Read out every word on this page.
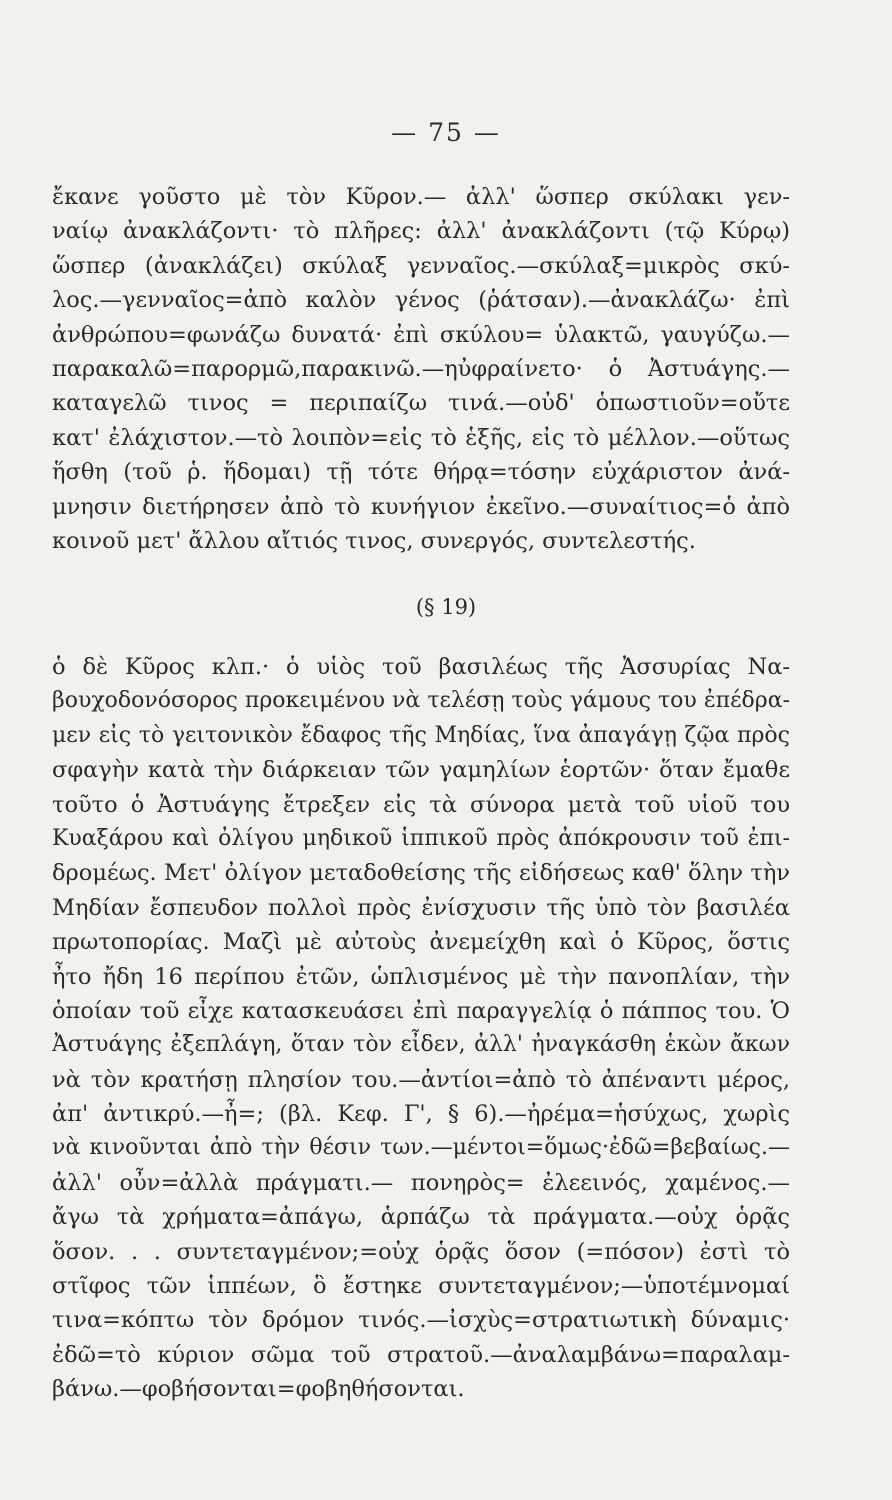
— 75 —
ἔκανε γοῦστο μὲ τὸν Κῦρον.— ἀλλ' ὥσπερ σκύλακι γεν-
ναίῳ ἀνακλάζοντι· τὸ πλῆρες: ἀλλ' ἀνακλάζοντι (τῷ Κύρῳ)
ὥσπερ (ἀνακλάζει) σκύλαξ γενναῖος.—σκύλαξ=μικρὸς σκύ-
λος.—γενναῖος=ἀπὸ καλὸν γένος (ῥάτσαν).—ἀνακλάζω· ἐπὶ
ἀνθρώπου=φωνάζω δυνατά· ἐπὶ σκύλου= ὑλακτῶ, γαυγύζω.—
παρακαλῶ=παρορμῶ,παρακινῶ.—ηὐφραίνετο· ὁ Ἀστυάγης.—
καταγελῶ τινος = περιπαίζω τινά.—οὐδ' ὁπωστιοῦν=οὔτε
κατ' ἐλάχιστον.—τὸ λοιπὸν=εἰς τὸ ἑξῆς, εἰς τὸ μέλλον.—οὕτως
ἥσθη (τοῦ ῥ. ἥδομαι) τῇ τότε θήρᾳ=τόσην εὐχάριστον ἀνά-
μνησιν διετήρησεν ἀπὸ τὸ κυνήγιον ἐκεῖνο.—συναίτιος=ὁ ἀπὸ
κοινοῦ μετ' ἄλλου αἴτιός τινος, συνεργός, συντελεστής.
(§ 19)
ὁ δὲ Κῦρος κλπ.· ὁ υἱὸς τοῦ βασιλέως τῆς Ἀσσυρίας Να-
βουχοδονόσορος προκειμένου νὰ τελέσῃ τοὺς γάμους του ἐπέδρα-
μεν εἰς τὸ γειτονικὸν ἔδαφος τῆς Μηδίας, ἵνα ἀπαγάγῃ ζῷα πρὸς
σφαγὴν κατὰ τὴν διάρκειαν τῶν γαμηλίων ἑορτῶν· ὅταν ἔμαθε
τοῦτο ὁ Ἀστυάγης ἔτρεξεν εἰς τὰ σύνορα μετὰ τοῦ υἱοῦ του
Κυαξάρου καὶ ὀλίγου μηδικοῦ ἱππικοῦ πρὸς ἀπόκρουσιν τοῦ ἐπι-
δρομέως. Μετ' ὀλίγον μεταδοθείσης τῆς εἰδήσεως καθ' ὅλην τὴν
Μηδίαν ἔσπευδον πολλοὶ πρὸς ἐνίσχυσιν τῆς ὑπὸ τὸν βασιλέα
πρωτοπορίας. Μαζὶ μὲ αὐτοὺς ἀνεμείχθη καὶ ὁ Κῦρος, ὅστις
ἦτο ἤδη 16 περίπου ἐτῶν, ὡπλισμένος μὲ τὴν πανοπλίαν, τὴν
ὁποίαν τοῦ εἶχε κατασκευάσει ἐπὶ παραγγελίᾳ ὁ πάππος του. Ὁ
Ἀστυάγης ἐξεπλάγη, ὅταν τὸν εἶδεν, ἀλλ' ἠναγκάσθη ἑκὼν ἄκων
νὰ τὸν κρατήσῃ πλησίον του.—ἀντίοι=ἀπὸ τὸ ἀπέναντι μέρος,
ἀπ' ἀντικρύ.—ἦ=; (βλ. Κεφ. Γ', § 6).—ἠρέμα=ἡσύχως, χωρὶς
νὰ κινοῦνται ἀπὸ τὴν θέσιν των.—μέντοι=ὅμως·ἐδῶ=βεβαίως.—
ἀλλ' οὖν=ἀλλὰ πράγματι.— πονηρὸς= ἐλεεινός, χαμένος.—
ἄγω τὰ χρήματα=ἀπάγω, ἁρπάζω τὰ πράγματα.—οὐχ ὁρᾷς
ὅσον. . . συντεταγμένον;=οὐχ ὁρᾷς ὅσον (=πόσον) ἐστὶ τὸ
στῖφος τῶν ἱππέων, ὃ ἔστηκε συντεταγμένον;—ὑποτέμνομαί
τινα=κόπτω τὸν δρόμον τινός.—ἰσχὺς=στρατιωτικὴ δύναμις·
ἐδῶ=τὸ κύριον σῶμα τοῦ στρατοῦ.—ἀναλαμβάνω=παραλαμ-
βάνω.—φοβήσονται=φοβηθήσονται.
